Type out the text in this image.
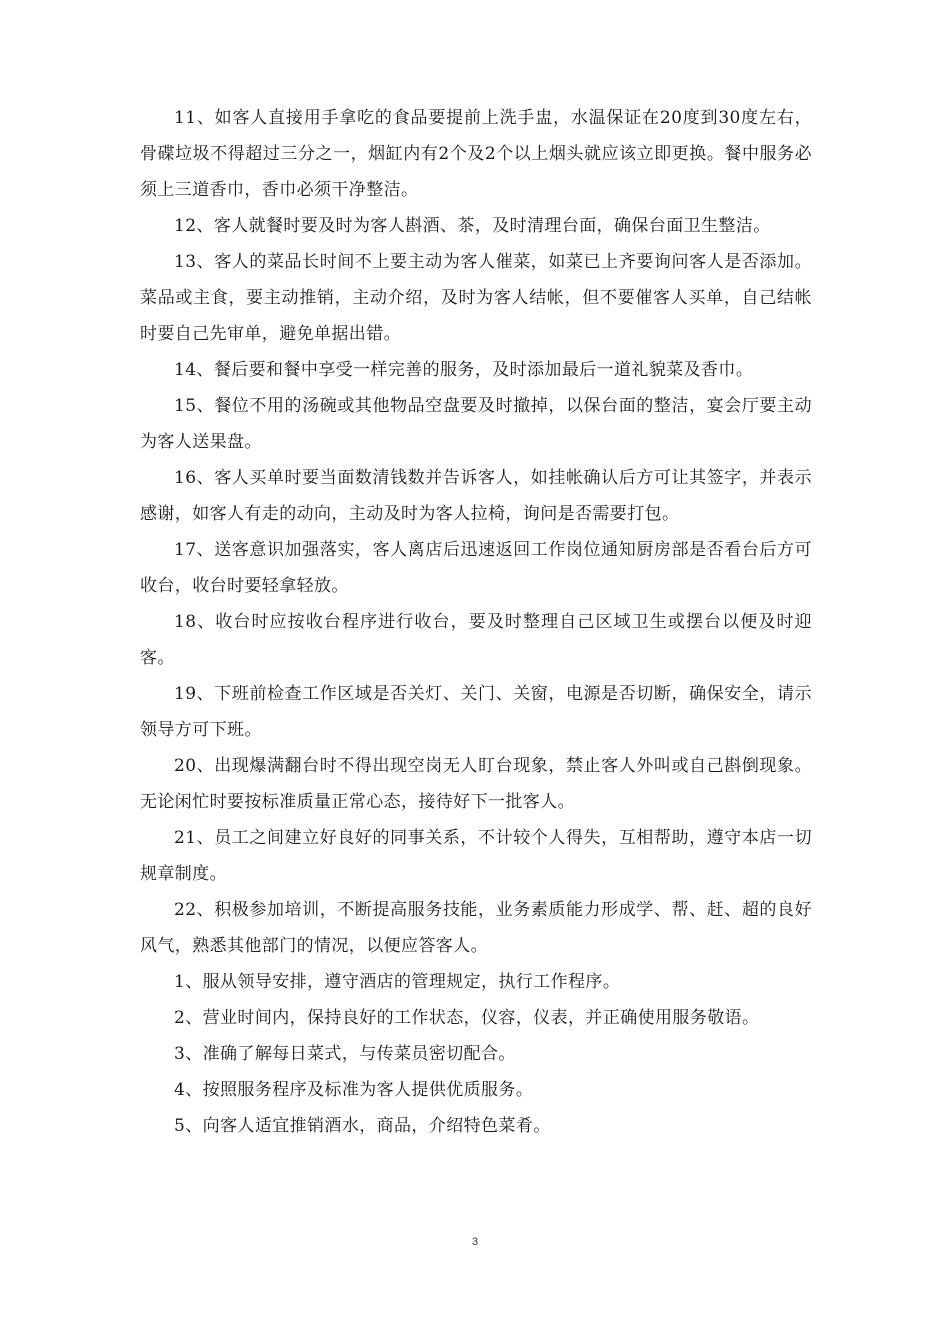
11、如客人直接用手拿吃的食品要提前上洗手盅，水温保证在20度到30度左右，骨碟垃圾不得超过三分之一，烟缸内有2个及2个以上烟头就应该立即更换。餐中服务必须上三道香巾，香巾必须干净整洁。

12、客人就餐时要及时为客人斟酒、茶，及时清理台面，确保台面卫生整洁。

13、客人的菜品长时间不上要主动为客人催菜，如菜已上齐要询问客人是否添加。菜品或主食，要主动推销，主动介绍，及时为客人结帐，但不要催客人买单，自己结帐时要自己先审单，避免单据出错。

14、餐后要和餐中享受一样完善的服务，及时添加最后一道礼貌菜及香巾。

15、餐位不用的汤碗或其他物品空盘要及时撤掉，以保台面的整洁，宴会厅要主动为客人送果盘。

16、客人买单时要当面数清钱数并告诉客人，如挂帐确认后方可让其签字，并表示感谢，如客人有走的动向，主动及时为客人拉椅，询问是否需要打包。

17、送客意识加强落实，客人离店后迅速返回工作岗位通知厨房部是否看台后方可收台，收台时要轻拿轻放。

18、收台时应按收台程序进行收台，要及时整理自己区域卫生或摆台以便及时迎客。

19、下班前检查工作区域是否关灯、关门、关窗，电源是否切断，确保安全，请示领导方可下班。

20、出现爆满翻台时不得出现空岗无人盯台现象，禁止客人外叫或自己斟倒现象。无论闲忙时要按标准质量正常心态，接待好下一批客人。

21、员工之间建立好良好的同事关系，不计较个人得失，互相帮助，遵守本店一切规章制度。

22、积极参加培训，不断提高服务技能，业务素质能力形成学、帮、赶、超的良好风气，熟悉其他部门的情况，以便应答客人。

1、服从领导安排，遵守酒店的管理规定，执行工作程序。

2、营业时间内，保持良好的工作状态，仪容，仪表，并正确使用服务敬语。

3、准确了解每日菜式，与传菜员密切配合。

4、按照服务程序及标准为客人提供优质服务。

5、向客人适宜推销酒水，商品，介绍特色菜肴。

3
